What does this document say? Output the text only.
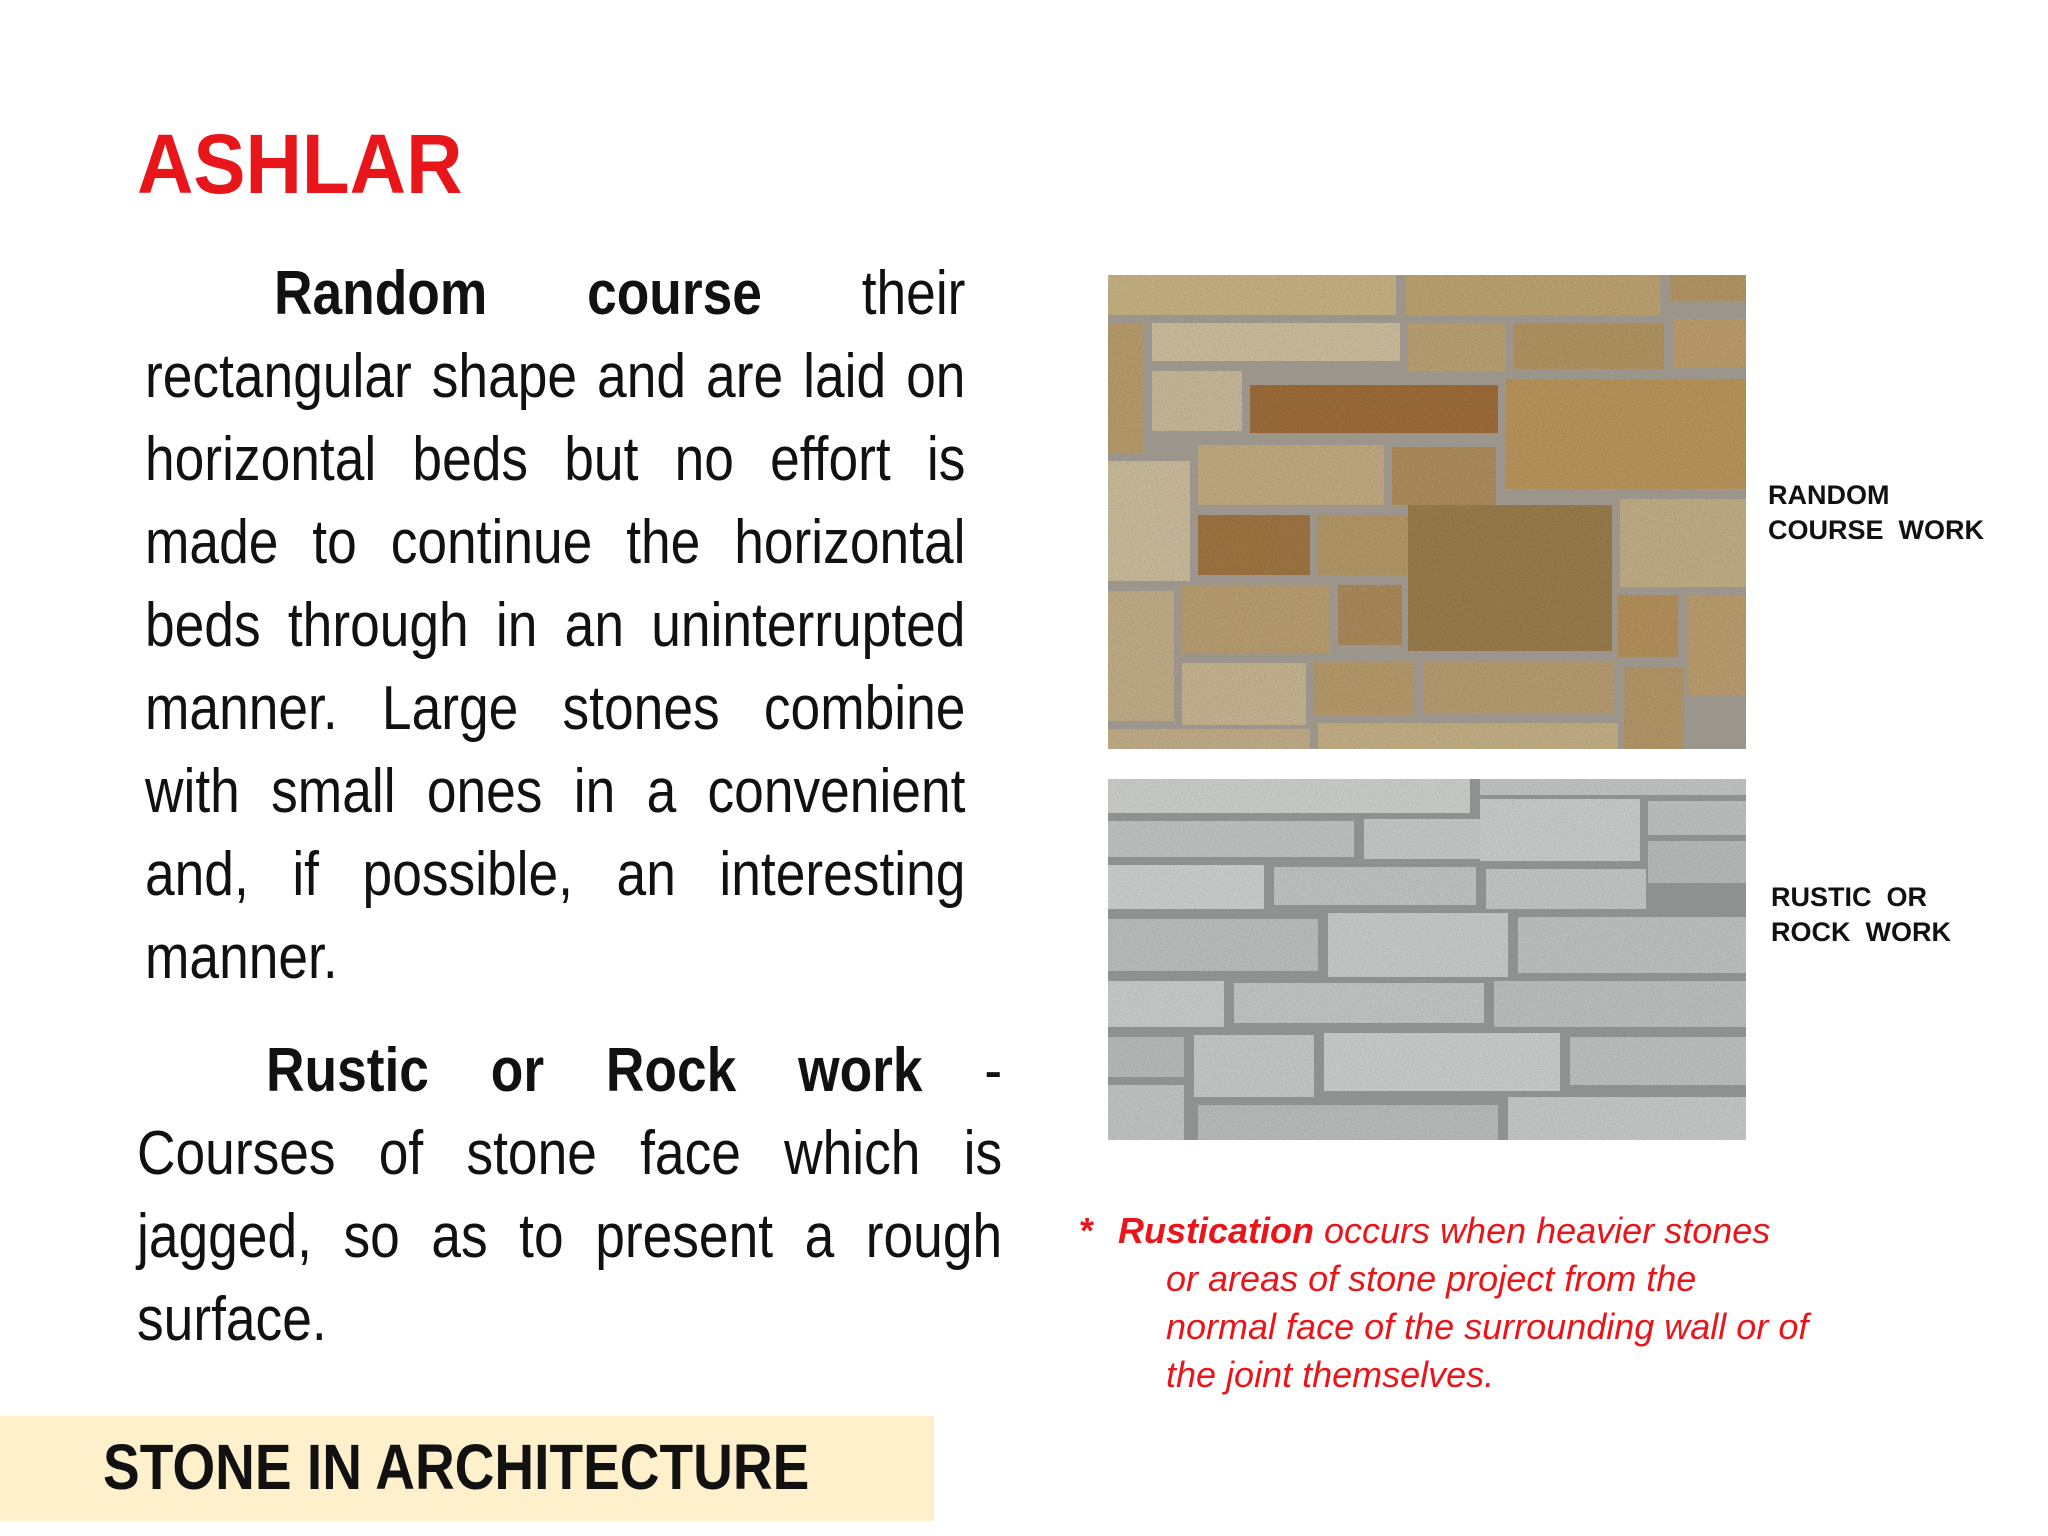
ASHLAR

Random course their rectangular shape and are laid on horizontal beds but no effort is made to continue the horizontal beds through in an uninterrupted manner. Large stones combine with small ones in a convenient and, if possible, an interesting manner.

Rustic or Rock work - Courses of stone face which is jagged, so as to present a rough surface.

RANDOM
COURSE  WORK
RUSTIC  OR
ROCK  WORK
* Rustication occurs when heavier stones
or areas of stone project from the
normal face of the surrounding wall or of
the joint themselves.
STONE IN ARCHITECTURE
